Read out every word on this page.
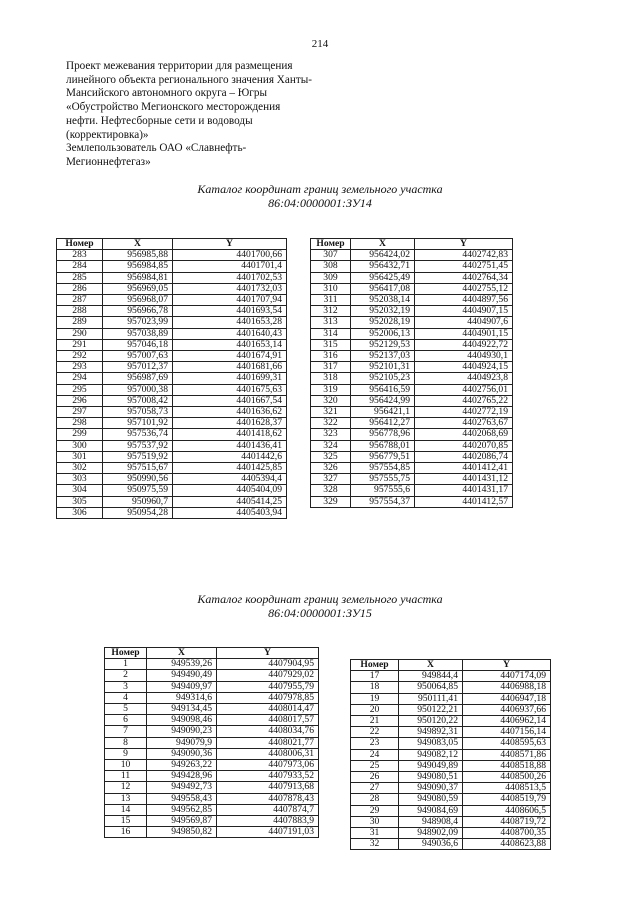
214
Проект межевания территории для размещения
линейного объекта регионального значения Ханты-
Мансийского автономного округа – Югры
«Обустройство Мегионского месторождения
нефти. Нефтесборные сети и водоводы
(корректировка)»
Землепользователь ОАО «Славнефть-
Мегионнефтегаз»
Каталог координат границ земельного участка
86:04:0000001:ЗУ14
Номер	X	Y
283	956985,88	4401700,66
284	956984,85	4401701,4
285	956984,81	4401702,53
286	956969,05	4401732,03
287	956968,07	4401707,94
288	956966,78	4401693,54
289	957023,99	4401653,28
290	957038,89	4401640,43
291	957046,18	4401653,14
292	957007,63	4401674,91
293	957012,37	4401681,66
294	956987,69	4401699,31
295	957000,38	4401675,63
296	957008,42	4401667,54
297	957058,73	4401636,62
298	957101,92	4401628,37
299	957536,74	4401418,62
300	957537,92	4401436,41
301	957519,92	4401442,6
302	957515,67	4401425,85
303	950990,56	4405394,4
304	950975,59	4405404,09
305	950960,7	4405414,25
306	950954,28	4405403,94
Номер	X	Y
307	956424,02	4402742,83
308	956432,71	4402751,45
309	956425,49	4402764,34
310	956417,08	4402755,12
311	952038,14	4404897,56
312	952032,19	4404907,15
313	952028,19	4404907,6
314	952006,13	4404901,15
315	952129,53	4404922,72
316	952137,03	4404930,1
317	952101,31	4404924,15
318	952105,23	4404923,8
319	956416,59	4402756,01
320	956424,99	4402765,22
321	956421,1	4402772,19
322	956412,27	4402763,67
323	956778,96	4402068,69
324	956788,01	4402070,85
325	956779,51	4402086,74
326	957554,85	4401412,41
327	957555,75	4401431,12
328	957555,6	4401431,17
329	957554,37	4401412,57
Каталог координат границ земельного участка
86:04:0000001:ЗУ15
Номер	X	Y
1	949539,26	4407904,95
2	949490,49	4407929,02
3	949409,97	4407955,79
4	949314,6	4407978,85
5	949134,45	4408014,47
6	949098,46	4408017,57
7	949090,23	4408034,76
8	949079,9	4408021,77
9	949090,36	4408006,31
10	949263,22	4407973,06
11	949428,96	4407933,52
12	949492,73	4407913,68
13	949558,43	4407878,43
14	949562,85	4407874,7
15	949569,87	4407883,9
16	949850,82	4407191,03
Номер	X	Y
17	949844,4	4407174,09
18	950064,85	4406988,18
19	950111,41	4406947,18
20	950122,21	4406937,66
21	950120,22	4406962,14
22	949892,31	4407156,14
23	949083,05	4408595,63
24	949082,12	4408571,86
25	949049,89	4408518,88
26	949080,51	4408500,26
27	949090,37	4408513,5
28	949080,59	4408519,79
29	949084,69	4408606,5
30	948908,4	4408719,72
31	948902,09	4408700,35
32	949036,6	4408623,88
